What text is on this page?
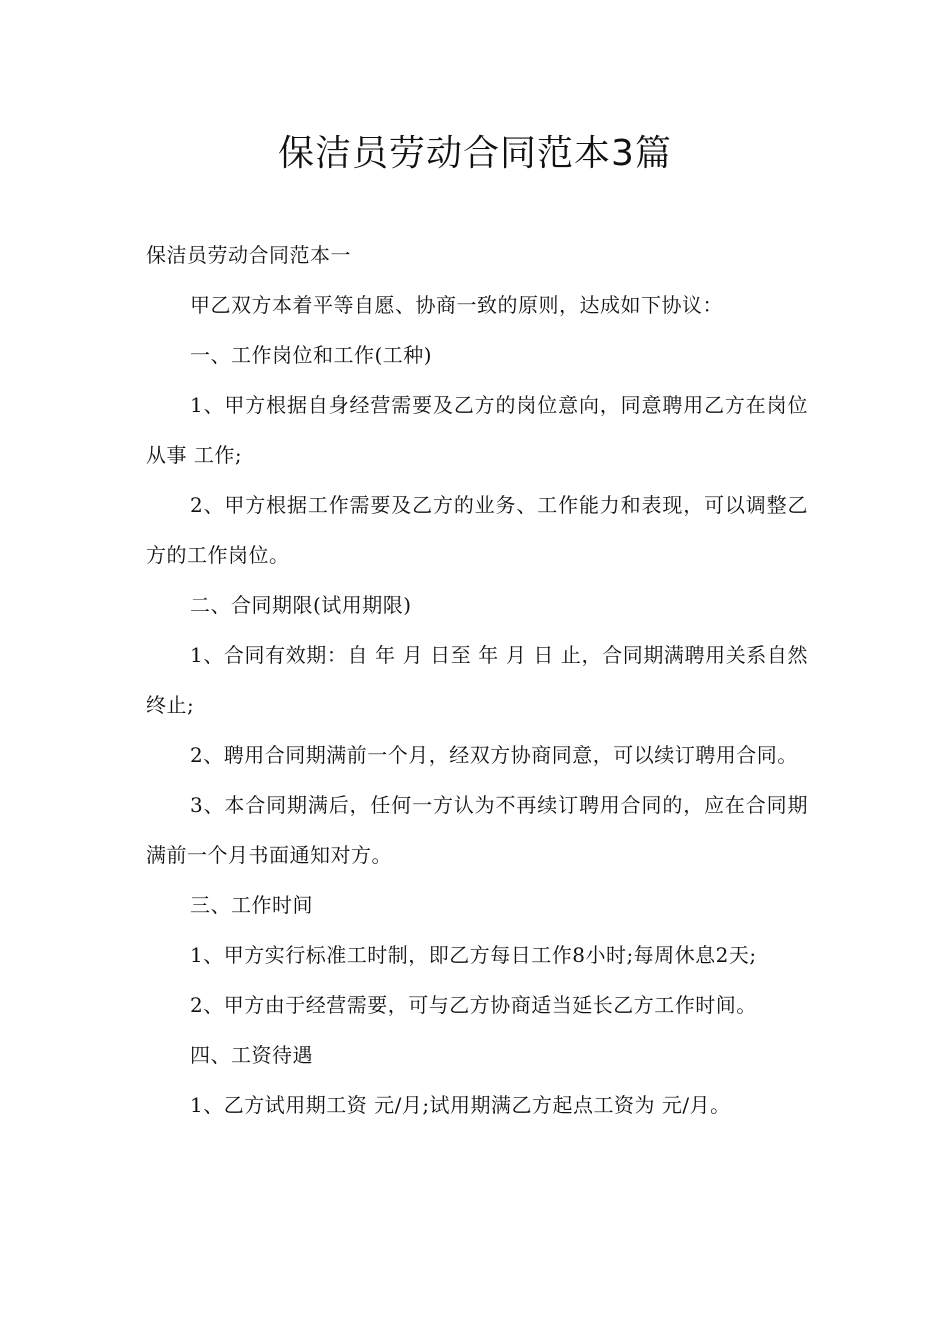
保洁员劳动合同范本3篇

保洁员劳动合同范本一

甲乙双方本着平等自愿、协商一致的原则，达成如下协议：

一、工作岗位和工作(工种)

1、甲方根据自身经营需要及乙方的岗位意向，同意聘用乙方在岗位从事 工作;

2、甲方根据工作需要及乙方的业务、工作能力和表现，可以调整乙方的工作岗位。

二、合同期限(试用期限)

1、合同有效期：自 年 月 日至 年 月 日 止，合同期满聘用关系自然终止;

2、聘用合同期满前一个月，经双方协商同意，可以续订聘用合同。

3、本合同期满后，任何一方认为不再续订聘用合同的，应在合同期满前一个月书面通知对方。

三、工作时间

1、甲方实行标准工时制，即乙方每日工作8小时;每周休息2天;

2、甲方由于经营需要，可与乙方协商适当延长乙方工作时间。

四、工资待遇

1、乙方试用期工资 元/月;试用期满乙方起点工资为 元/月。
